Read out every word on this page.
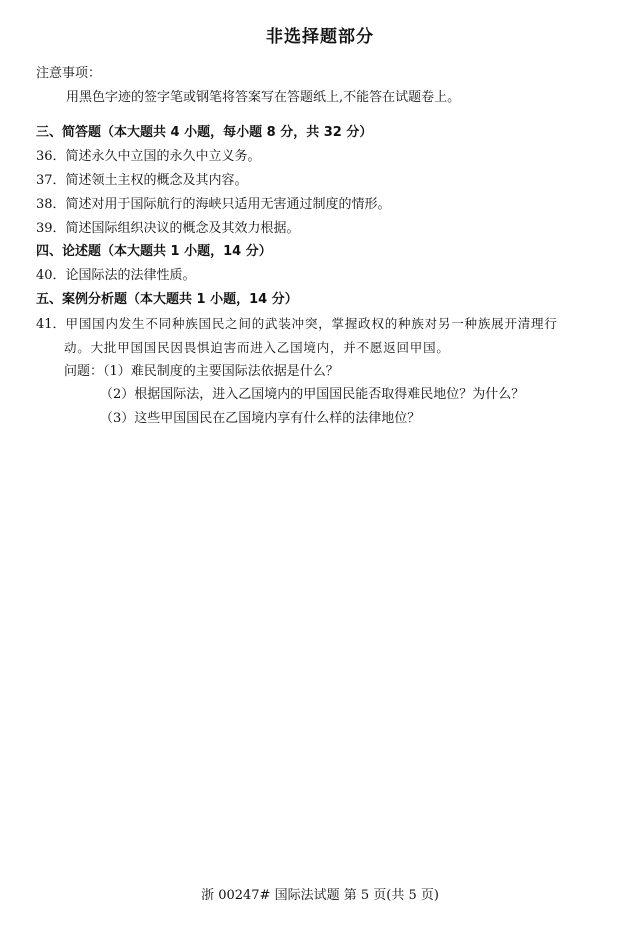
非选择题部分
注意事项：
用黑色字迹的签字笔或钢笔将答案写在答题纸上,不能答在试题卷上。
三、简答题（本大题共 4 小题，每小题 8 分，共 32 分）
36．简述永久中立国的永久中立义务。
37．简述领土主权的概念及其内容。
38．简述对用于国际航行的海峡只适用无害通过制度的情形。
39．简述国际组织决议的概念及其效力根据。
四、论述题（本大题共 1 小题，14 分）
40．论国际法的法律性质。
五、案例分析题（本大题共 1 小题，14 分）
41．甲国国内发生不同种族国民之间的武装冲突，掌握政权的种族对另一种族展开清理行
动。大批甲国国民因畏惧迫害而进入乙国境内，并不愿返回甲国。
问题：（1）难民制度的主要国际法依据是什么？
（2）根据国际法，进入乙国境内的甲国国民能否取得难民地位？为什么？
（3）这些甲国国民在乙国境内享有什么样的法律地位？
浙 00247# 国际法试题 第 5 页(共 5 页)
